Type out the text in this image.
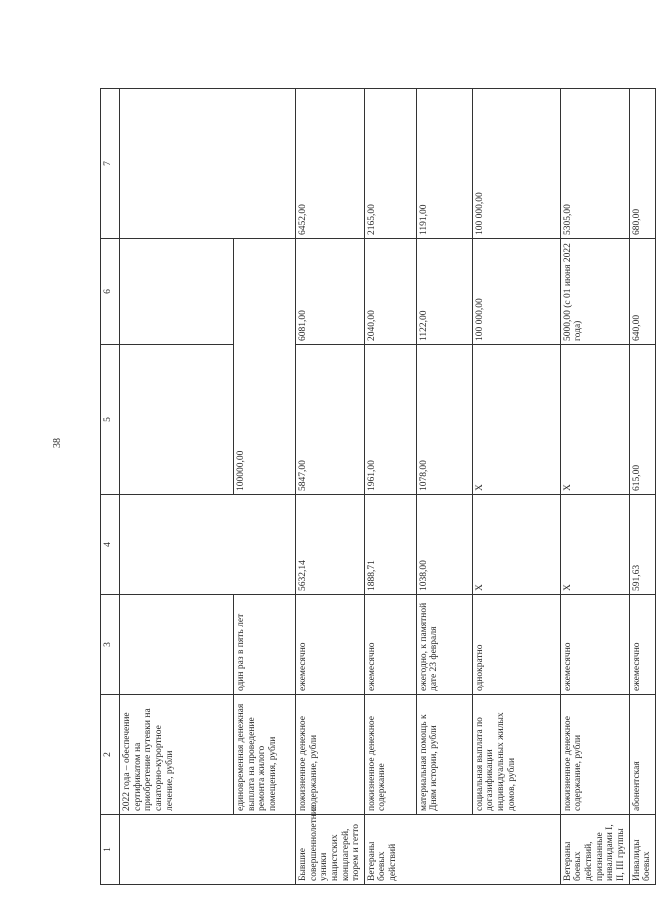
38
1	2	3	4	5	6	7
	2022 года – обеспечение сертификатом на приобретение путевки на санаторно-курортное лечение, рубли					
	единовременная денежная выплата на проведение ремонта жилого помещения, рубли	один раз в пять лет		100000,00		
Бывшие совершеннолетние узники нацистских концлагерей, тюрем и гетто	пожизненное денежное содержание, рубли	ежемесячно	5632,14	5847,00	6081,00	6452,00
Ветераны боевых действий	пожизненное денежное содержание	ежемесячно	1888,71	1961,00	2040,00	2165,00
	материальная помощь к Дням истории, рубли	ежегодно, к памятной дате 23 февраля	1038,00	1078,00	1122,00	1191,00
	социальная выплата по догазификации индивидуальных жилых домов, рубли	однократно	X	X	100 000,00	100 000,00
Ветераны боевых действий, признанные инвалидами I, II, III группы	пожизненное денежное содержание, рубли	ежемесячно	X	X	5000,00 (с 01 июня 2022 года)	5305,00
Инвалиды боевых	абонентская	ежемесячно	591,63	615,00	640,00	680,00
